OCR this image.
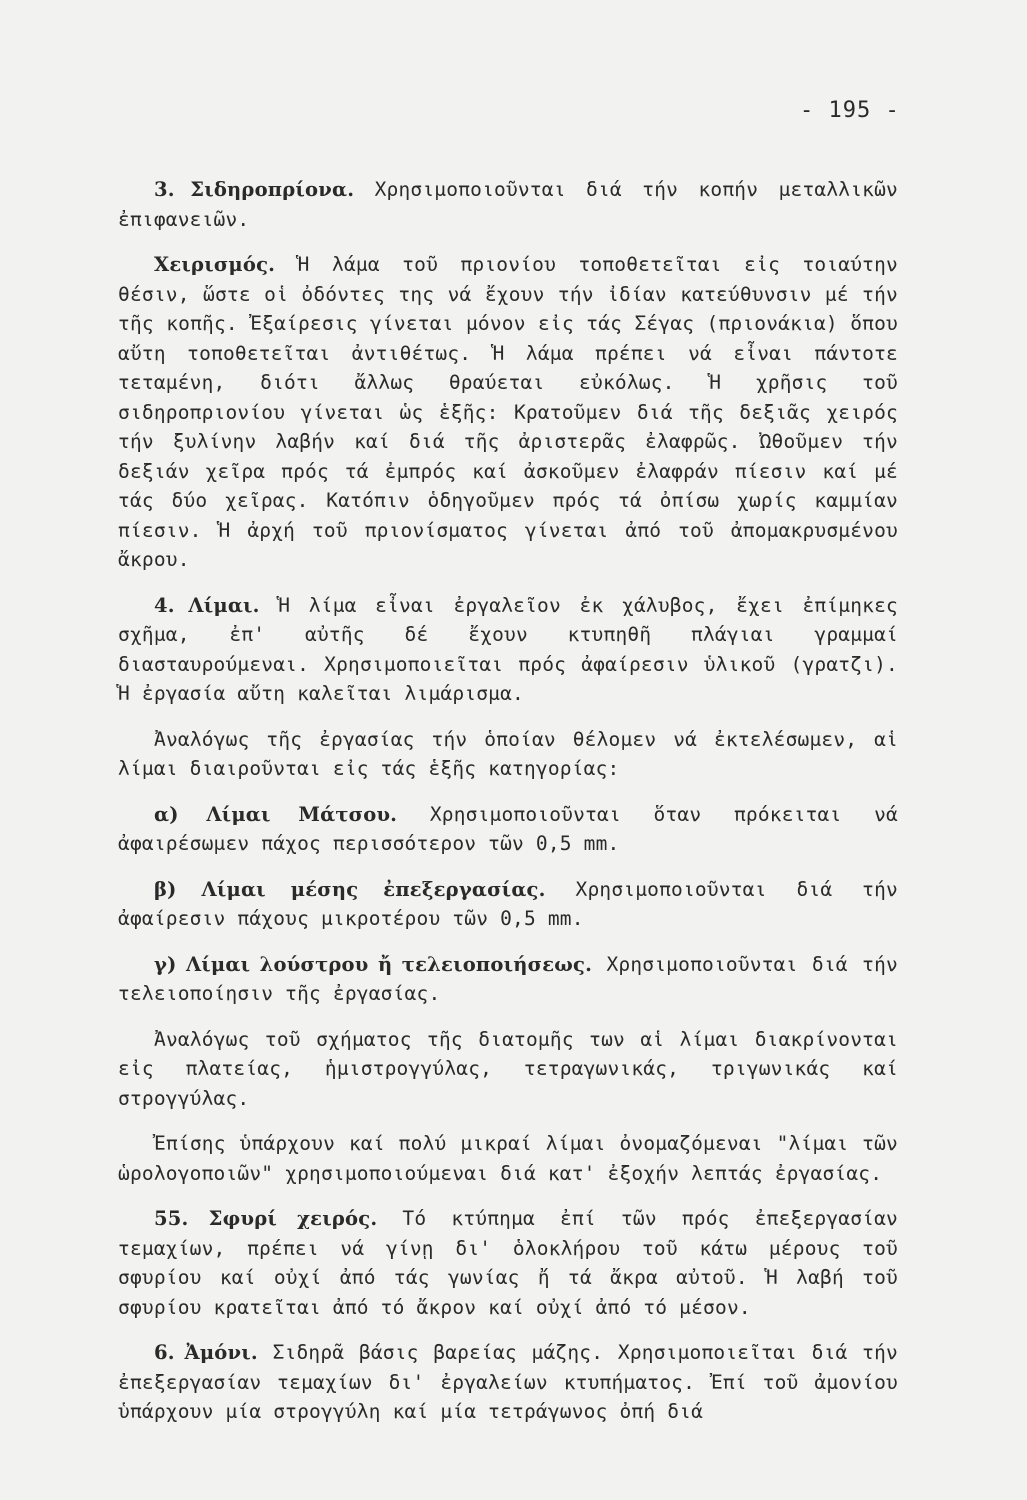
- 195 -

3. Σιδηροπρίονα. Χρησιμοποιοῦνται διά τήν κοπήν μεταλλικῶν ἐπιφανειῶν.

Χειρισμός. Ἡ λάμα τοῦ πριονίου τοποθετεῖται εἰς τοιαύτην θέσιν, ὥστε οἱ ὀδόντες της νά ἔχουν τήν ἰδίαν κατεύθυνσιν μέ τήν τῆς κοπῆς. Ἐξαίρεσις γίνεται μόνον εἰς τάς Σέγας (πριονάκια) ὅπου αὔτη τοποθετεῖται ἀντιθέτως. Ἡ λάμα πρέπει νά εἶναι πάντοτε τεταμένη, διότι ἄλλως θραύεται εὐκόλως. Ἡ χρῆσις τοῦ σιδηροπριονίου γίνεται ὡς ἑξῆς: Κρατοῦμεν διά τῆς δεξιᾶς χειρός τήν ξυλίνην λαβήν καί διά τῆς ἀριστερᾶς ἐλαφρῶς. Ὠθοῦμεν τήν δεξιάν χεῖρα πρός τά ἐμπρός καί ἀσκοῦμεν ἐλαφράν πίεσιν καί μέ τάς δύο χεῖρας. Κατόπιν ὁδηγοῦμεν πρός τά ὀπίσω χωρίς καμμίαν πίεσιν. Ἡ ἀρχή τοῦ πριονίσματος γίνεται ἀπό τοῦ ἀπομακρυσμένου ἄκρου.

4. Λίμαι. Ἡ λίμα εἶναι ἐργαλεῖον ἐκ χάλυβος, ἔχει ἐπίμηκες σχῆμα, ἐπ' αὐτῆς δέ ἔχουν κτυπηθῆ πλάγιαι γραμμαί διασταυρούμεναι. Χρησιμοποιεῖται πρός ἀφαίρεσιν ὑλικοῦ (γρατζι). Ἡ ἐργασία αὔτη καλεῖται λιμάρισμα.

Ἀναλόγως τῆς ἐργασίας τήν ὁποίαν θέλομεν νά ἐκτελέσωμεν, αἱ λίμαι διαιροῦνται εἰς τάς ἑξῆς κατηγορίας:

α) Λίμαι Μάτσου. Χρησιμοποιοῦνται ὅταν πρόκειται νά ἀφαιρέσωμεν πάχος περισσότερον τῶν 0,5 mm.

β) Λίμαι μέσης ἐπεξεργασίας. Χρησιμοποιοῦνται διά τήν ἀφαίρεσιν πάχους μικροτέρου τῶν 0,5 mm.

γ) Λίμαι λούστρου ἤ τελειοποιήσεως. Χρησιμοποιοῦνται διά τήν τελειοποίησιν τῆς ἐργασίας.

Ἀναλόγως τοῦ σχήματος τῆς διατομῆς των αἱ λίμαι διακρίνονται εἰς πλατείας, ἡμιστρογγύλας, τετραγωνικάς, τριγωνικάς καί στρογγύλας.

Ἐπίσης ὑπάρχουν καί πολύ μικραί λίμαι ὀνομαζόμεναι "λίμαι τῶν ὡρολογοποιῶν" χρησιμοποιούμεναι διά κατ' ἐξοχήν λεπτάς ἐργασίας.

55. Σφυρί χειρός. Τό κτύπημα ἐπί τῶν πρός ἐπεξεργασίαν τεμαχίων, πρέπει νά γίνῃ δι' ὁλοκλήρου τοῦ κάτω μέρους τοῦ σφυρίου καί οὐχί ἀπό τάς γωνίας ἤ τά ἄκρα αὐτοῦ. Ἡ λαβή τοῦ σφυρίου κρατεῖται ἀπό τό ἄκρον καί οὐχί ἀπό τό μέσον.

6. Ἀμόνι. Σιδηρᾶ βάσις βαρείας μάζης. Χρησιμοποιεῖται διά τήν ἐπεξεργασίαν τεμαχίων δι' ἐργαλείων κτυπήματος. Ἐπί τοῦ ἀμονίου ὑπάρχουν μία στρογγύλη καί μία τετράγωνος ὀπή διά
